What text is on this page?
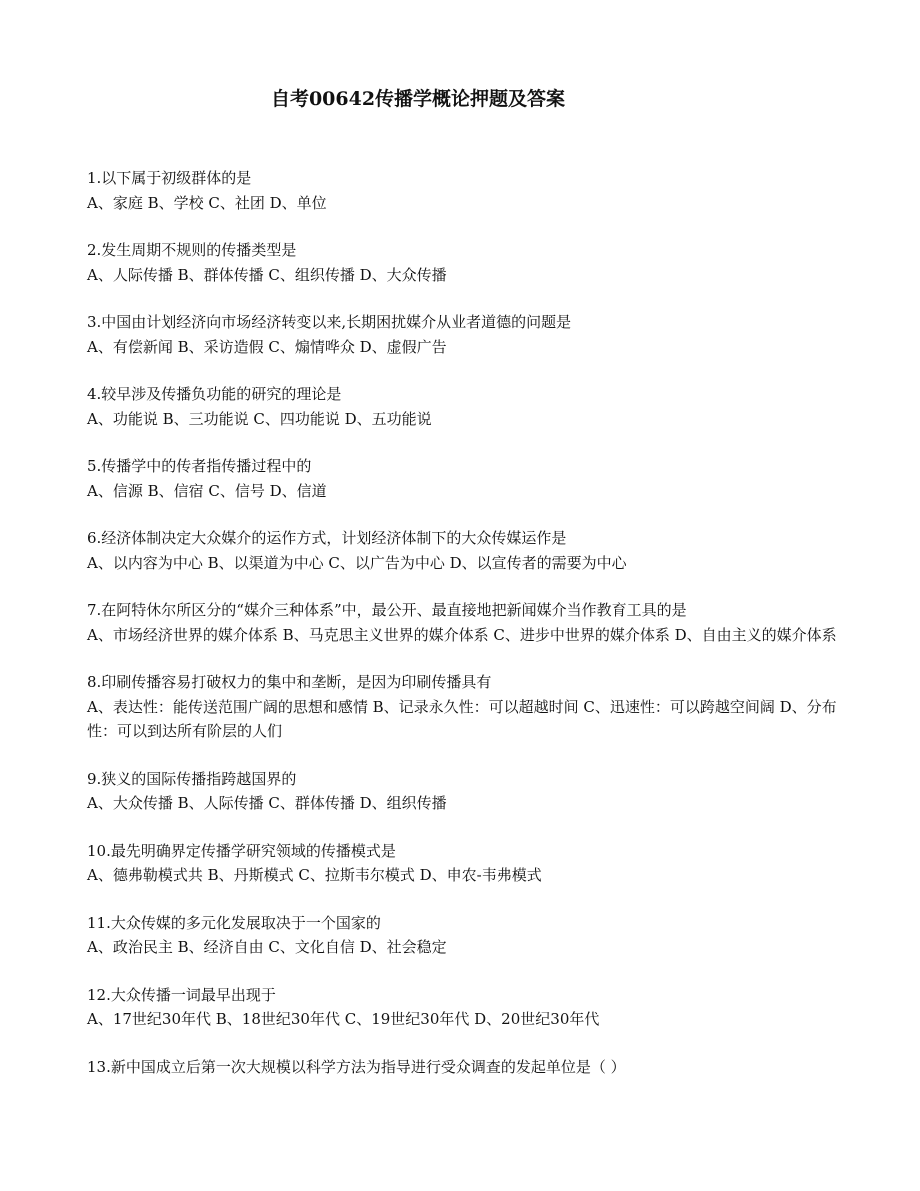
自考00642传播学概论押题及答案

1.以下属于初级群体的是

A、家庭 B、学校 C、社团 D、单位

2.发生周期不规则的传播类型是

A、人际传播 B、群体传播 C、组织传播 D、大众传播

3.中国由计划经济向市场经济转变以来,长期困扰媒介从业者道德的问题是

A、有偿新闻 B、采访造假 C、煽情哗众 D、虚假广告

4.较早涉及传播负功能的研究的理论是

A、功能说 B、三功能说 C、四功能说 D、五功能说

5.传播学中的传者指传播过程中的

A、信源 B、信宿 C、信号 D、信道

6.经济体制决定大众媒介的运作方式，计划经济体制下的大众传媒运作是

A、以内容为中心 B、以渠道为中心 C、以广告为中心 D、以宣传者的需要为中心

7.在阿特休尔所区分的“媒介三种体系”中，最公开、最直接地把新闻媒介当作教育工具的是

A、市场经济世界的媒介体系 B、马克思主义世界的媒介体系 C、进步中世界的媒介体系 D、自由主义的媒介体系

8.印刷传播容易打破权力的集中和垄断，是因为印刷传播具有

A、表达性：能传送范围广阔的思想和感情 B、记录永久性：可以超越时间 C、迅速性：可以跨越空间阔 D、分布性：可以到达所有阶层的人们

9.狭义的国际传播指跨越国界的

A、大众传播 B、人际传播 C、群体传播 D、组织传播

10.最先明确界定传播学研究领域的传播模式是

A、德弗勒模式共 B、丹斯模式 C、拉斯韦尔模式 D、申农-韦弗模式

11.大众传媒的多元化发展取决于一个国家的

A、政治民主 B、经济自由 C、文化自信 D、社会稳定

12.大众传播一词最早出现于

A、17世纪30年代 B、18世纪30年代 C、19世纪30年代 D、20世纪30年代

13.新中国成立后第一次大规模以科学方法为指导进行受众调查的发起单位是（ ）
